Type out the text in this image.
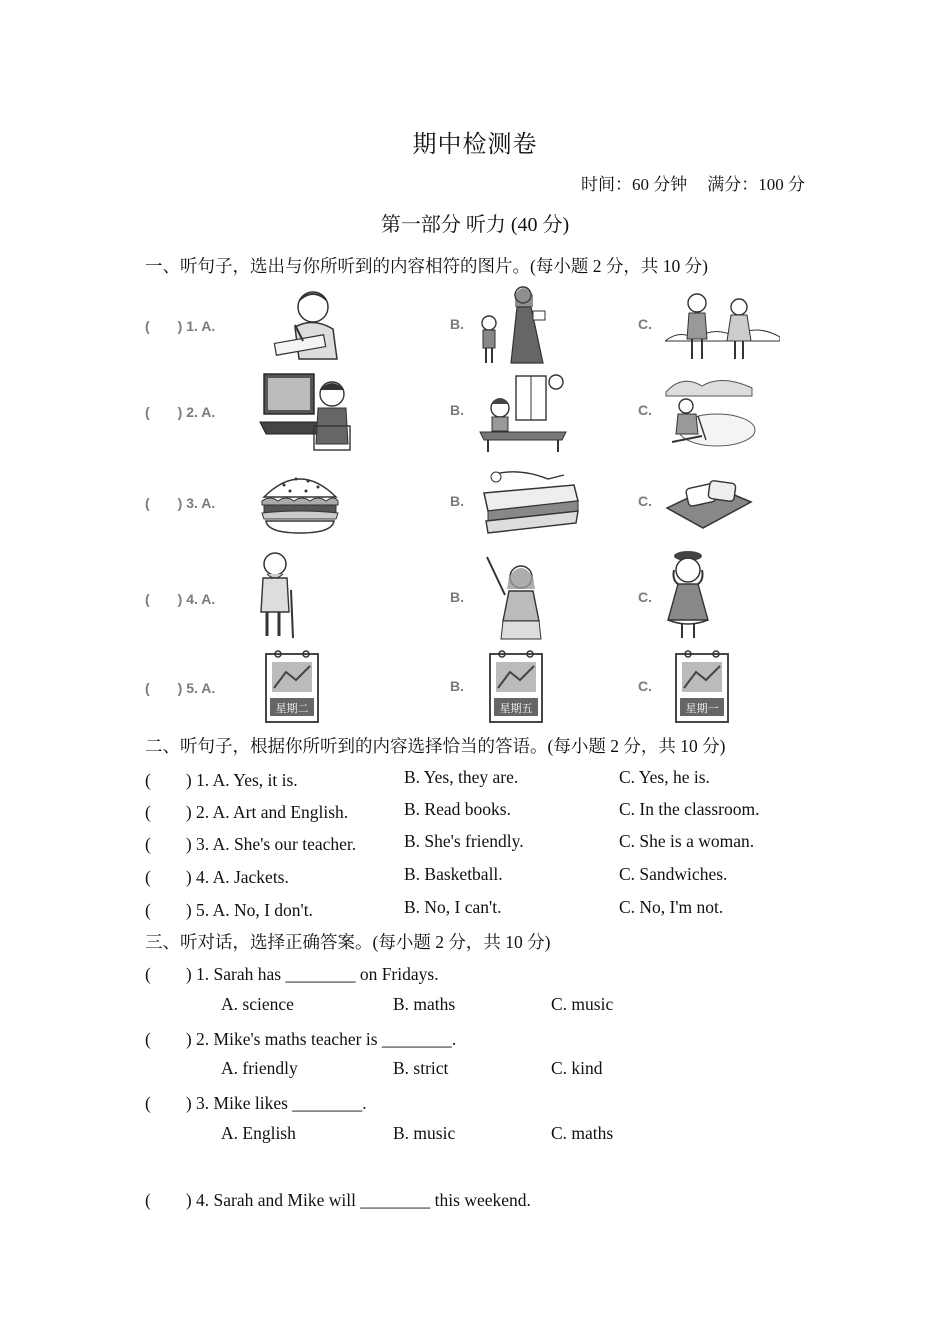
期中检测卷
时间：60 分钟 满分：100 分
第一部分 听力 (40 分)
一、听句子，选出与你所听到的内容相符的图片。(每小题 2 分，共 10 分)
(　　) 1. A.	B.	C.
(　　) 2. A.	B.	C.
(　　) 3. A.	B.	C.
(　　) 4. A.	B.	C.
(　　) 5. A.	B.	C.
星期二	星期五	星期一
二、听句子，根据你所听到的内容选择恰当的答语。(每小题 2 分，共 10 分)
(　　) 1. A. Yes, it is.	B. Yes, they are.	C. Yes, he is.
(　　) 2. A. Art and English.	B. Read books.	C. In the classroom.
(　　) 3. A. She's our teacher.	B. She's friendly.	C. She is a woman.
(　　) 4. A. Jackets.	B. Basketball.	C. Sandwiches.
(　　) 5. A. No, I don't.	B. No, I can't.	C. No, I'm not.
三、听对话，选择正确答案。(每小题 2 分，共 10 分)
(　　) 1. Sarah has ________ on Fridays.
A. science	B. maths	C. music
(　　) 2. Mike's maths teacher is ________.
A. friendly	B. strict	C. kind
(　　) 3. Mike likes ________.
A. English	B. music	C. maths
(　　) 4. Sarah and Mike will ________ this weekend.
